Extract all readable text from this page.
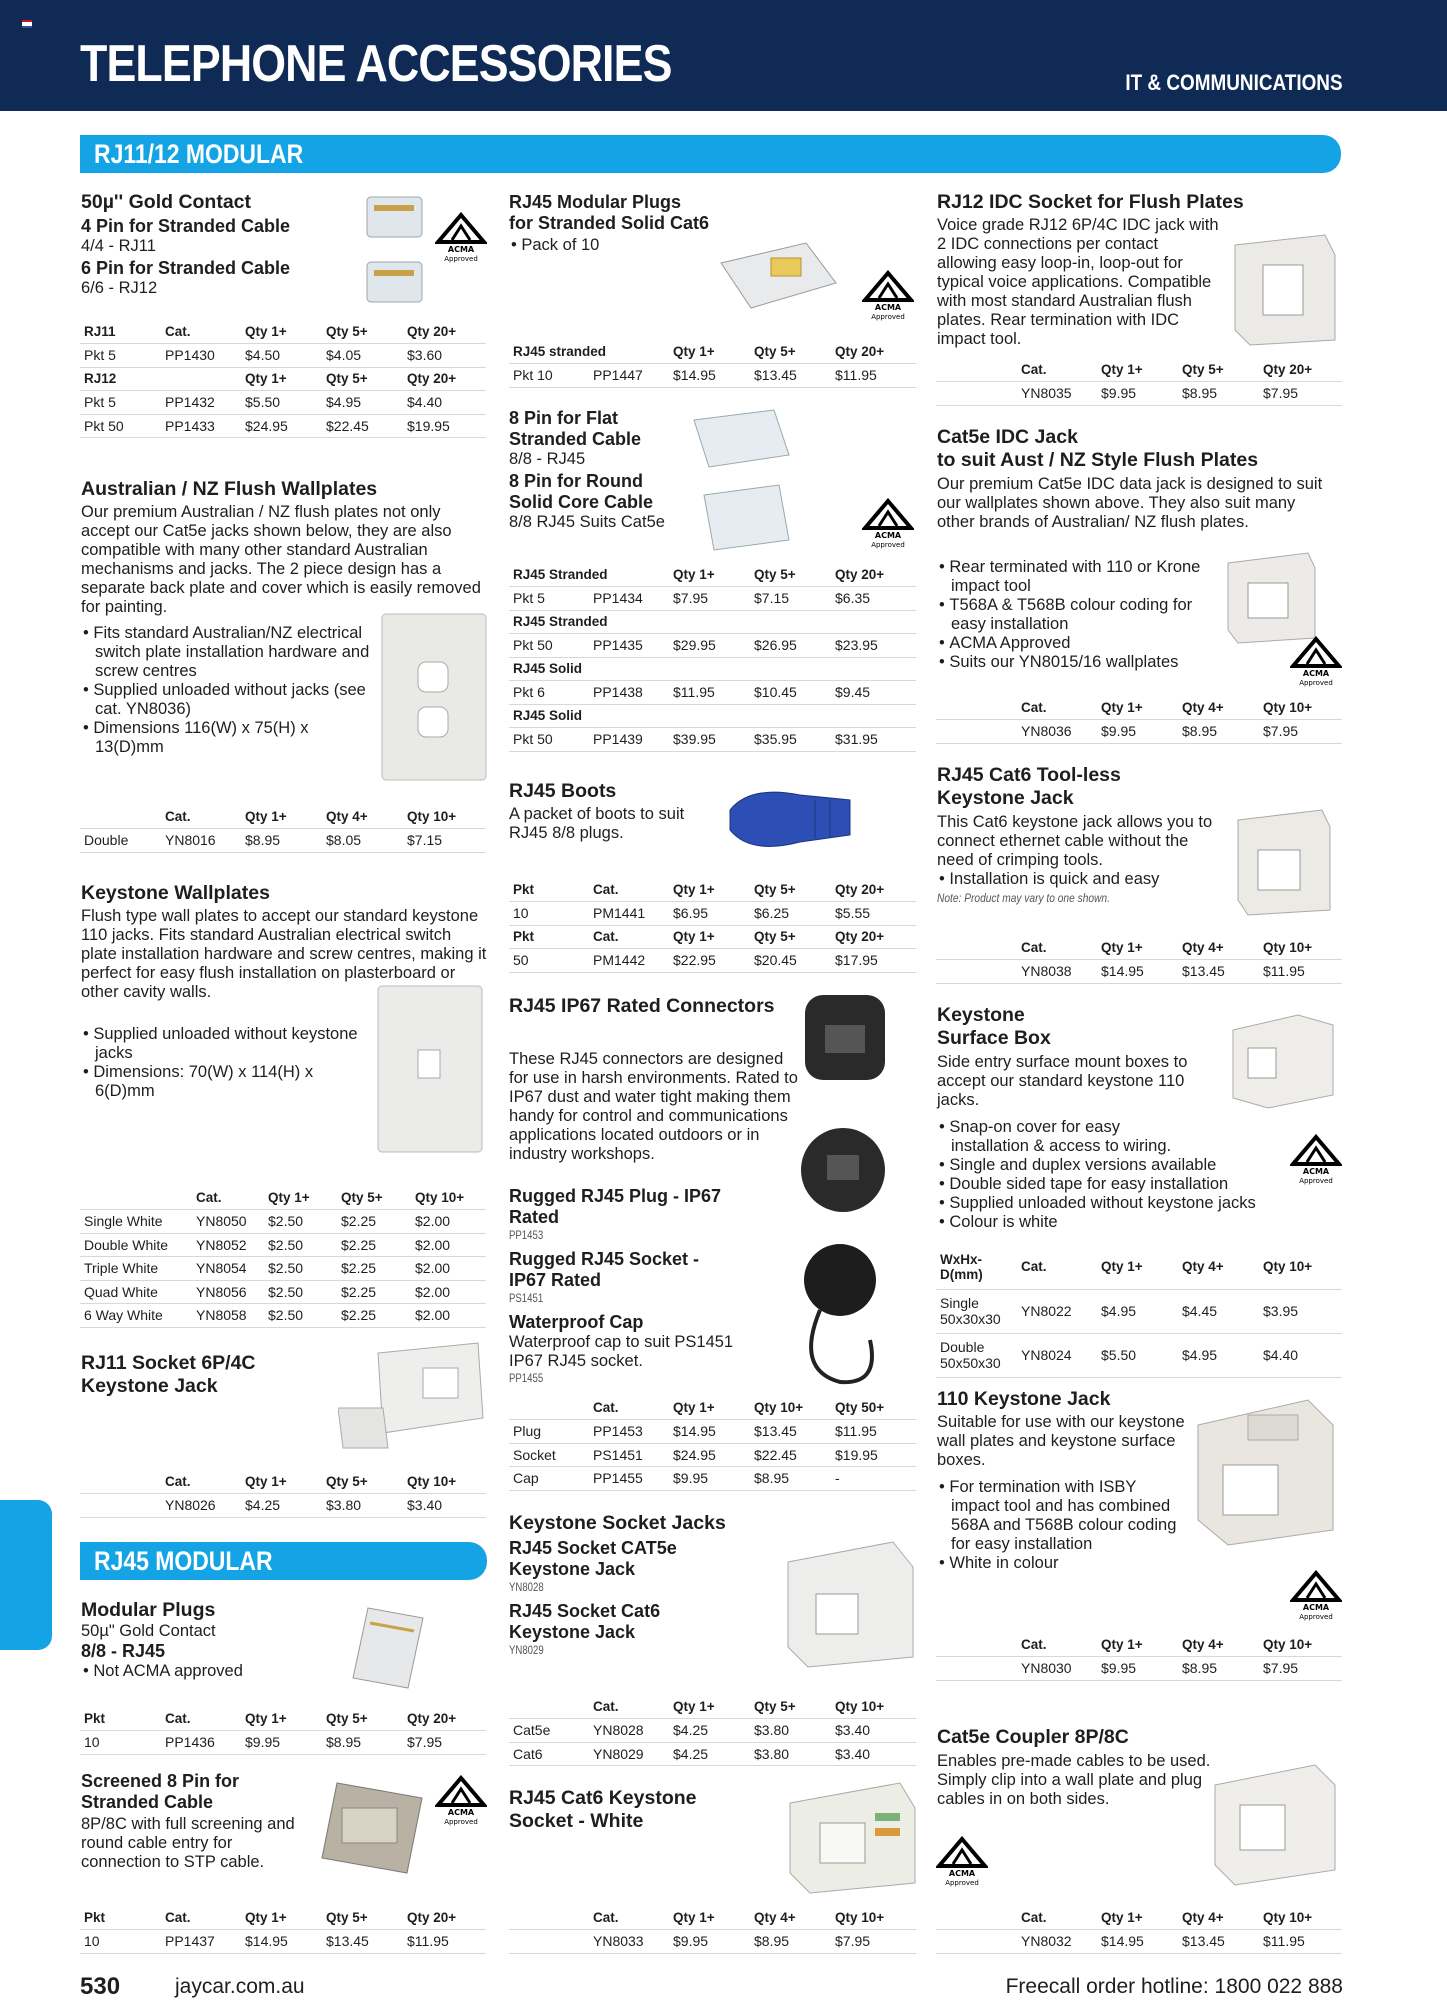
TELEPHONE ACCESSORIES	IT & COMMUNICATIONS
RJ11/12 MODULAR
RJ45 MODULAR
50µ'' Gold Contact
4 Pin for Stranded Cable
4/4 - RJ11
6 Pin for Stranded Cable
6/6 - RJ12
ACMA
Approved
RJ11	Cat.	Qty 1+	Qty 5+	Qty 20+
Pkt 5	PP1430	$4.50	$4.05	$3.60
RJ12		Qty 1+	Qty 5+	Qty 20+
Pkt 5	PP1432	$5.50	$4.95	$4.40
Pkt 50	PP1433	$24.95	$22.45	$19.95
Australian / NZ Flush Wallplates
Our premium Australian / NZ flush plates not only accept our Cat5e jacks shown below, they are also compatible with many other standard Australian mechanisms and jacks. The 2 piece design has a separate back plate and cover which is easily removed for painting.
• Fits standard Australian/NZ electrical switch plate installation hardware and screw centres
• Supplied unloaded without jacks (see cat. YN8036)
• Dimensions 116(W) x 75(H) x 13(D)mm
	Cat.	Qty 1+	Qty 4+	Qty 10+
Double	YN8016	$8.95	$8.05	$7.15
Keystone Wallplates
Flush type wall plates to accept our standard keystone 110 jacks. Fits standard Australian electrical switch plate installation hardware and screw centres, making it perfect for easy flush installation on plasterboard or other cavity walls.
• Supplied unloaded without keystone jacks
• Dimensions: 70(W) x 114(H) x 6(D)mm
	Cat.	Qty 1+	Qty 5+	Qty 10+
Single White	YN8050	$2.50	$2.25	$2.00
Double White	YN8052	$2.50	$2.25	$2.00
Triple White	YN8054	$2.50	$2.25	$2.00
Quad White	YN8056	$2.50	$2.25	$2.00
6 Way White	YN8058	$2.50	$2.25	$2.00
RJ11 Socket 6P/4C
Keystone Jack
	Cat.	Qty 1+	Qty 5+	Qty 10+
	YN8026	$4.25	$3.80	$3.40
Modular Plugs
50µ" Gold Contact
8/8 - RJ45
• Not ACMA approved
Pkt	Cat.	Qty 1+	Qty 5+	Qty 20+
10	PP1436	$9.95	$8.95	$7.95
Screened 8 Pin for
Stranded Cable
8P/8C with full screening and round cable entry for connection to STP cable.
ACMA
Approved
Pkt	Cat.	Qty 1+	Qty 5+	Qty 20+
10	PP1437	$14.95	$13.45	$11.95
RJ45 Modular Plugs
for Stranded Solid Cat6
• Pack of 10
ACMA
Approved
RJ45 stranded		Qty 1+	Qty 5+	Qty 20+
Pkt 10	PP1447	$14.95	$13.45	$11.95
8 Pin for Flat
Stranded Cable
8/8 - RJ45
8 Pin for Round
Solid Core Cable
8/8 RJ45 Suits Cat5e
ACMA
Approved
RJ45 Stranded		Qty 1+	Qty 5+	Qty 20+
Pkt 5	PP1434	$7.95	$7.15	$6.35
RJ45 Stranded				
Pkt 50	PP1435	$29.95	$26.95	$23.95
RJ45 Solid				
Pkt 6	PP1438	$11.95	$10.45	$9.45
RJ45 Solid				
Pkt 50	PP1439	$39.95	$35.95	$31.95
RJ45 Boots
A packet of boots to suit RJ45 8/8 plugs.
Pkt	Cat.	Qty 1+	Qty 5+	Qty 20+
10	PM1441	$6.95	$6.25	$5.55
Pkt	Cat.	Qty 1+	Qty 5+	Qty 20+
50	PM1442	$22.95	$20.45	$17.95
RJ45 IP67 Rated Connectors
These RJ45 connectors are designed for use in harsh environments. Rated to IP67 dust and water tight making them handy for control and communications applications located outdoors or in industry workshops.
Rugged RJ45 Plug - IP67
Rated
PP1453
Rugged RJ45 Socket -
IP67 Rated
PS1451
Waterproof Cap
Waterproof cap to suit PS1451 IP67 RJ45 socket.
PP1455
	Cat.	Qty 1+	Qty 10+	Qty 50+
Plug	PP1453	$14.95	$13.45	$11.95
Socket	PS1451	$24.95	$22.45	$19.95
Cap	PP1455	$9.95	$8.95	-
Keystone Socket Jacks
RJ45 Socket CAT5e
Keystone Jack
YN8028
RJ45 Socket Cat6
Keystone Jack
YN8029
	Cat.	Qty 1+	Qty 5+	Qty 10+
Cat5e	YN8028	$4.25	$3.80	$3.40
Cat6	YN8029	$4.25	$3.80	$3.40
RJ45 Cat6 Keystone
Socket - White
	Cat.	Qty 1+	Qty 4+	Qty 10+
	YN8033	$9.95	$8.95	$7.95
RJ12 IDC Socket for Flush Plates
Voice grade RJ12 6P/4C IDC jack with 2 IDC connections per contact allowing easy loop-in, loop-out for typical voice applications. Compatible with most standard Australian flush plates. Rear termination with IDC impact tool.
	Cat.	Qty 1+	Qty 5+	Qty 20+
	YN8035	$9.95	$8.95	$7.95
Cat5e IDC Jack
to suit Aust / NZ Style Flush Plates
Our premium Cat5e IDC data jack is designed to suit our wallplates shown above. They also suit many other brands of Australian/ NZ flush plates.
• Rear terminated with 110 or Krone impact tool
• T568A & T568B colour coding for easy installation
• ACMA Approved
• Suits our YN8015/16 wallplates
ACMA
Approved
	Cat.	Qty 1+	Qty 4+	Qty 10+
	YN8036	$9.95	$8.95	$7.95
RJ45 Cat6 Tool-less
Keystone Jack
This Cat6 keystone jack allows you to connect ethernet cable without the need of crimping tools.
• Installation is quick and easy
Note: Product may vary to one shown.
	Cat.	Qty 1+	Qty 4+	Qty 10+
	YN8038	$14.95	$13.45	$11.95
Keystone
Surface Box
Side entry surface mount boxes to accept our standard keystone 110 jacks.
• Snap-on cover for easy installation & access to wiring.
• Single and duplex versions available
• Double sided tape for easy installation
• Supplied unloaded without keystone jacks
• Colour is white
ACMA
Approved
WxHx-D(mm)	Cat.	Qty 1+	Qty 4+	Qty 10+
Single 50x30x30	YN8022	$4.95	$4.45	$3.95
Double 50x50x30	YN8024	$5.50	$4.95	$4.40
110 Keystone Jack
Suitable for use with our keystone wall plates and keystone surface boxes.
• For termination with ISBY impact tool and has combined 568A and T568B colour coding for easy installation
• White in colour
ACMA
Approved
	Cat.	Qty 1+	Qty 4+	Qty 10+
	YN8030	$9.95	$8.95	$7.95
Cat5e Coupler 8P/8C
Enables pre-made cables to be used. Simply clip into a wall plate and plug cables in on both sides.
ACMA
Approved
	Cat.	Qty 1+	Qty 4+	Qty 10+
	YN8032	$14.95	$13.45	$11.95
530	jaycar.com.au	Freecall order hotline: 1800 022 888
